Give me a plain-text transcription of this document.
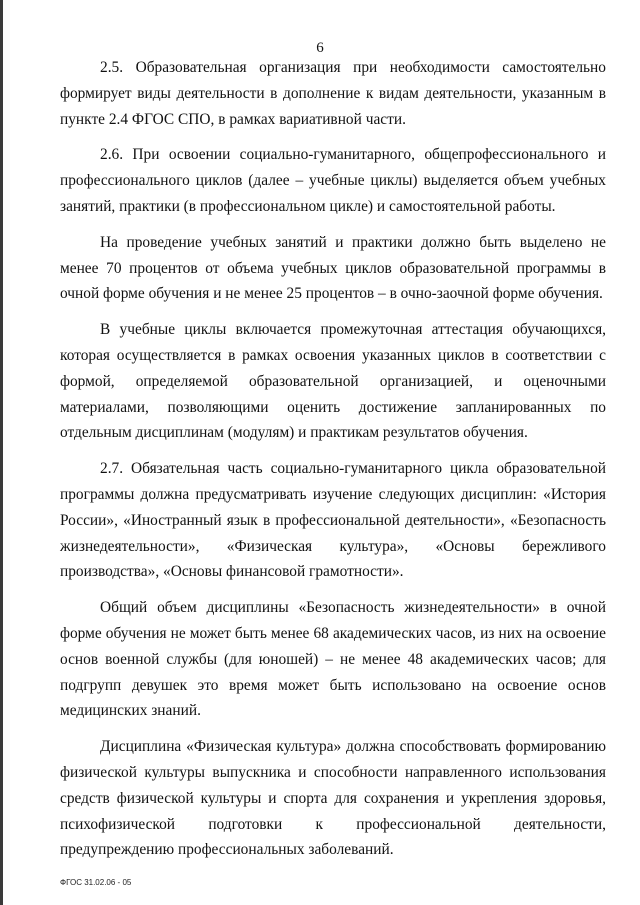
6

2.5. Образовательная организация при необходимости самостоятельно формирует виды деятельности в дополнение к видам деятельности, указанным в пункте 2.4 ФГОС СПО, в рамках вариативной части.

2.6. При освоении социально-гуманитарного, общепрофессионального и профессионального циклов (далее – учебные циклы) выделяется объем учебных занятий, практики (в профессиональном цикле) и самостоятельной работы.

На проведение учебных занятий и практики должно быть выделено не менее 70 процентов от объема учебных циклов образовательной программы в очной форме обучения и не менее 25 процентов – в очно-заочной форме обучения.

В учебные циклы включается промежуточная аттестация обучающихся, которая осуществляется в рамках освоения указанных циклов в соответствии с формой, определяемой образовательной организацией, и оценочными материалами, позволяющими оценить достижение запланированных по отдельным дисциплинам (модулям) и практикам результатов обучения.

2.7. Обязательная часть социально-гуманитарного цикла образовательной программы должна предусматривать изучение следующих дисциплин: «История России», «Иностранный язык в профессиональной деятельности», «Безопасность жизнедеятельности», «Физическая культура», «Основы бережливого производства», «Основы финансовой грамотности».

Общий объем дисциплины «Безопасность жизнедеятельности» в очной форме обучения не может быть менее 68 академических часов, из них на освоение основ военной службы (для юношей) – не менее 48 академических часов; для подгрупп девушек это время может быть использовано на освоение основ медицинских знаний.

Дисциплина «Физическая культура» должна способствовать формированию физической культуры выпускника и способности направленного использования средств физической культуры и спорта для сохранения и укрепления здоровья, психофизической подготовки к профессиональной деятельности, предупреждению профессиональных заболеваний.

ФГОС 31.02.06 - 05
